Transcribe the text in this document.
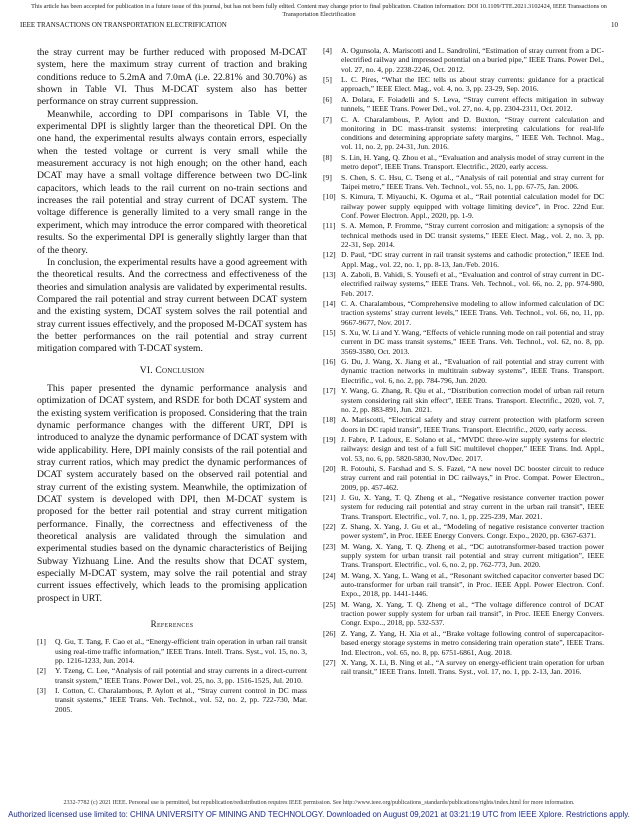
This article has been accepted for publication in a future issue of this journal, but has not been fully edited. Content may change prior to final publication. Citation information: DOI 10.1109/TTE.2021.3102424, IEEE Transactions on Transportation Electrification
IEEE TRANSACTIONS ON TRANSPORTATION ELECTRIFICATION	10

the stray current may be further reduced with proposed M-DCAT system, here the maximum stray current of traction and braking conditions reduce to 5.2mA and 7.0mA (i.e. 22.81% and 30.70%) as shown in Table VI. Thus M-DCAT system also has better performance on stray current suppression.

Meanwhile, according to DPI comparisons in Table VI, the experimental DPI is slightly larger than the theoretical DPI. On the one hand, the experimental results always contain errors, especially when the tested voltage or current is very small while the measurement accuracy is not high enough; on the other hand, each DCAT may have a small voltage difference between two DC-link capacitors, which leads to the rail current on no-train sections and increases the rail potential and stray current of DCAT system. The voltage difference is generally limited to a very small range in the experiment, which may introduce the error compared with theoretical results. So the experimental DPI is generally slightly larger than that of the theory.

In conclusion, the experimental results have a good agreement with the theoretical results. And the correctness and effectiveness of the theories and simulation analysis are validated by experimental results. Compared the rail potential and stray current between DCAT system and the existing system, DCAT system solves the rail potential and stray current issues effectively, and the proposed M-DCAT system has the better performances on the rail potential and stray current mitigation compared with T-DCAT system.

VI. Conclusion

This paper presented the dynamic performance analysis and optimization of DCAT system, and RSDE for both DCAT system and the existing system verification is proposed. Considering that the train dynamic performance changes with the different URT, DPI is introduced to analyze the dynamic performance of DCAT system with wide applicability. Here, DPI mainly consists of the rail potential and stray current ratios, which may predict the dynamic performances of DCAT system accurately based on the observed rail potential and stray current of the existing system. Meanwhile, the optimization of DCAT system is developed with DPI, then M-DCAT system is proposed for the better rail potential and stray current mitigation performance. Finally, the correctness and effectiveness of the theoretical analysis are validated through the simulation and experimental studies based on the dynamic characteristics of Beijing Subway Yizhuang Line. And the results show that DCAT system, especially M-DCAT system, may solve the rail potential and stray current issues effectively, which leads to the promising application prospect in URT.

References
[1] Q. Gu, T. Tang, F. Cao et al., “Energy-efficient train operation in urban rail transit using real-time traffic information,” IEEE Trans. Intell. Trans. Syst., vol. 15, no. 3, pp. 1216-1233, Jun. 2014.
[2] Y. Tzeng, C. Lee, “Analysis of rail potential and stray currents in a direct-current transit system,” IEEE Trans. Power Del., vol. 25, no. 3, pp. 1516-1525, Jul. 2010.
[3] I. Cotton, C. Charalambous, P. Aylott et al., “Stray current control in DC mass transit systems,” IEEE Trans. Veh. Technol., vol. 52, no. 2, pp. 722-730, Mar. 2005.
[4] A. Ogunsola, A. Mariscotti and L. Sandrolini, “Estimation of stray current from a DC-electrified railway and impressed potential on a buried pipe,” IEEE Trans. Power Del., vol. 27, no. 4, pp. 2238-2246, Oct. 2012.
[5] L. C. Pires, “What the IEC tells us about stray currents: guidance for a practical approach,” IEEE Elect. Mag., vol. 4, no. 3, pp. 23-29, Sep. 2016.
[6] A. Dolara, F. Foiadelli and S. Leva, “Stray current effects mitigation in subway tunnels, ” IEEE Trans. Power Del., vol. 27, no. 4, pp. 2304-2311, Oct. 2012.
[7] C. A. Charalambous, P. Aylott and D. Buxton, “Stray current calculation and monitoring in DC mass-transit systems: interpreting calculations for real-life conditions and determining appropriate safety margins, ” IEEE Veh. Technol. Mag., vol. 11, no. 2, pp. 24-31, Jun. 2016.
[8] S. Lin, H. Yang, Q. Zhou et al., “Evaluation and analysis model of stray current in the metro depot”, IEEE Trans. Transport. Electrific., 2020, early access.
[9] S. Chen, S. C. Hsu, C. Tseng et al., “Analysis of rail potential and stray current for Taipei metro,” IEEE Trans. Veh. Technol., vol. 55, no. 1, pp. 67-75, Jan. 2006.
[10] S. Kimura, T. Miyauchi, K. Oguma et al., “Rail potential calculation model for DC railway power supply equipped with voltage limiting device”, in Proc. 22nd Eur. Conf. Power Electron. Appl., 2020, pp. 1-9.
[11] S. A. Memon, P. Fromme, “Stray current corrosion and mitigation: a synopsis of the technical methods used in DC transit systems,” IEEE Elect. Mag., vol. 2, no. 3, pp. 22-31, Sep. 2014.
[12] D. Paul, “DC stray current in rail transit systems and cathodic protection,” IEEE Ind. Appl. Mag., vol. 22, no. 1, pp. 8-13, Jan./Feb. 2016.
[13] A. Zaboli, B. Vahidi, S. Yousefi et al., “Evaluation and control of stray current in DC-electrified railway systems,” IEEE Trans. Veh. Technol., vol. 66, no. 2, pp. 974-980, Feb. 2017.
[14] C. A. Charalambous, “Comprehensive modeling to allow informed calculation of DC traction systems’ stray current levels,” IEEE Trans. Veh. Technol., vol. 66, no, 11, pp. 9667-9677, Nov. 2017.
[15] S. Xu, W. Li and Y. Wang, “Effects of vehicle running mode on rail potential and stray current in DC mass transit systems,” IEEE Trans. Veh. Technol., vol. 62, no. 8, pp. 3569-3580, Oct. 2013.
[16] G. Du, J. Wang, X. Jiang et al., “Evaluation of rail potential and stray current with dynamic traction networks in multitrain subway systems”, IEEE Trans. Transport. Electrific., vol. 6, no. 2, pp. 784-796, Jun. 2020.
[17] Y. Wang, G. Zhang, R. Qiu et al., “Distribution correction model of urban rail return system considering rail skin effect”, IEEE Trans. Transport. Electrific., 2020, vol. 7, no. 2, pp. 883-891, Jun. 2021.
[18] A. Mariscotti, “Electrical safety and stray current protection with platform screen doors in DC rapid transit”, IEEE Trans. Transport. Electrific., 2020, early access.
[19] J. Fabre, P. Ladoux, E. Solano et al., “MVDC three-wire supply systems for electric railways: design and test of a full SiC multilevel chopper,” IEEE Trans. Ind. Appl., vol. 53, no. 6, pp. 5820-5830, Nov./Dec. 2017.
[20] R. Fotouhi, S. Farshad and S. S. Fazel, “A new novel DC booster circuit to reduce stray current and rail potential in DC railways,” in Proc. Compat. Power Electron., 2009, pp. 457-462.
[21] J. Gu, X. Yang, T. Q. Zheng et al., “Negative resistance converter traction power system for reducing rail potential and stray current in the urban rail transit”, IEEE Trans. Transport. Electrific., vol. 7, no. 1, pp. 225-239, Mar. 2021.
[22] Z. Shang, X. Yang, J. Gu et al., “Modeling of negative resistance converter traction power system”, in Proc. IEEE Energy Convers. Congr. Expo., 2020, pp. 6367-6371.
[23] M. Wang, X. Yang, T. Q. Zheng et al., “DC autotransformer-based traction power supply system for urban transit rail potential and stray current mitigation”, IEEE Trans. Transport. Electrific., vol. 6, no. 2, pp. 762-773, Jun. 2020.
[24] M. Wang, X. Yang, L. Wang et al., “Resonant switched capacitor converter based DC auto-transformer for urban rail transit”, in Proc. IEEE Appl. Power Electron. Conf. Expo., 2018, pp. 1441-1446.
[25] M. Wang, X. Yang, T. Q. Zheng et al., “The voltage difference control of DCAT traction power supply system for urban rail transit”, in Proc. IEEE Energy Convers. Congr. Expo.., 2018, pp. 532-537.
[26] Z. Yang, Z. Yang, H. Xia et al., “Brake voltage following control of supercapacitor-based energy storage systems in metro considering train operation state”, IEEE Trans. Ind. Electron., vol. 65, no. 8, pp. 6751-6861, Aug. 2018.
[27] X. Yang, X. Li, B. Ning et al., “A survey on energy-efficient train operation for urban rail transit,” IEEE Trans. Intell. Trans. Syst., vol. 17, no. 1, pp. 2-13, Jan. 2016.
2332-7782 (c) 2021 IEEE. Personal use is permitted, but republication/redistribution requires IEEE permission. See http://www.ieee.org/publications_standards/publications/rights/index.html for more information.
Authorized licensed use limited to: CHINA UNIVERSITY OF MINING AND TECHNOLOGY. Downloaded on August 09,2021 at 03:21:19 UTC from IEEE Xplore. Restrictions apply.
